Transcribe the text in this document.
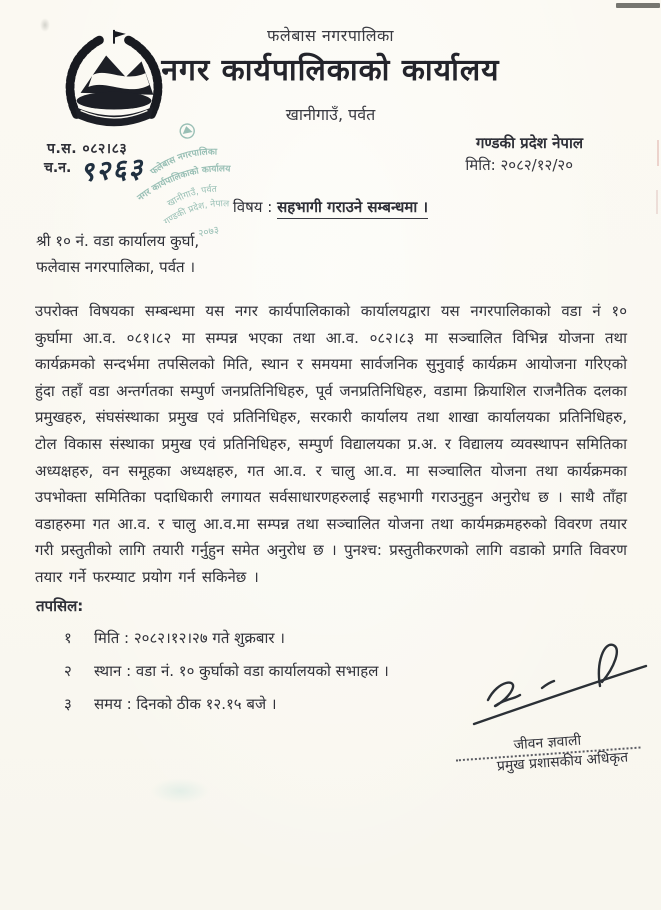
फलेबास नगरपालिका
नगर कार्यपालिकाको कार्यालय
खानीगाउँ, पर्वत
फलेबास नगरपालिका
नगर कार्यपालिकाको कार्यालय
खानीगाउँ, पर्वत
गण्डकी प्रदेश, नेपाल
२०७३
प.स. ०८२।८३
च.न. ९२६३
गण्डकी प्रदेश नेपाल
मिति: २०८२/१२/२०
विषय : सहभागी गराउने सम्बन्धमा ।
श्री १० नं. वडा कार्यालय कुर्घा,
फलेवास नगरपालिका, पर्वत ।
उपरोक्त विषयका सम्बन्धमा यस नगर कार्यपालिकाको कार्यालयद्वारा यस नगरपालिकाको वडा नं १० कुर्घामा आ.व. ०८१।८२ मा सम्पन्न भएका तथा आ.व. ०८२।८३ मा सञ्चालित विभिन्न योजना तथा कार्यक्रमको सन्दर्भमा तपसिलको मिति, स्थान र समयमा सार्वजनिक सुनुवाई कार्यक्रम आयोजना गरिएको हुंदा तहाँ वडा अन्तर्गतका सम्पुर्ण जनप्रतिनिधिहरु, पूर्व जनप्रतिनिधिहरु, वडामा क्रियाशिल राजनैतिक दलका प्रमुखहरु, संघसंस्थाका प्रमुख एवं प्रतिनिधिहरु, सरकारी कार्यालय तथा शाखा कार्यालयका प्रतिनिधिहरु, टोल विकास संस्थाका प्रमुख एवं प्रतिनिधिहरु, सम्पुर्ण विद्यालयका प्र.अ. र विद्यालय व्यवस्थापन समितिका अध्यक्षहरु, वन समूहका अध्यक्षहरु, गत आ.व. र चालु आ.व. मा सञ्चालित योजना तथा कार्यक्रमका उपभोक्ता समितिका पदाधिकारी लगायत सर्वसाधारणहरुलाई सहभागी गराउनुहुन अनुरोध छ । साथै ताँहा वडाहरुमा गत आ.व. र चालु आ.व.मा सम्पन्न तथा सञ्चालित योजना तथा कार्यमक्रमहरुको विवरण तयार गरी प्रस्तुतीको लागि तयारी गर्नुहुन समेत अनुरोध छ । पुनश्च: प्रस्तुतीकरणको लागि वडाको प्रगति विवरण तयार गर्ने फरम्याट प्रयोग गर्न सकिनेछ ।
तपसिल:
१ मिति : २०८२।१२।२७ गते शुक्रबार ।
२ स्थान : वडा नं. १० कुर्घाको वडा कार्यालयको सभाहल ।
३ समय : दिनको ठीक १२.१५ बजे ।
जीवन ज्ञवाली
प्रमुख प्रशासकीय अधिकृत
